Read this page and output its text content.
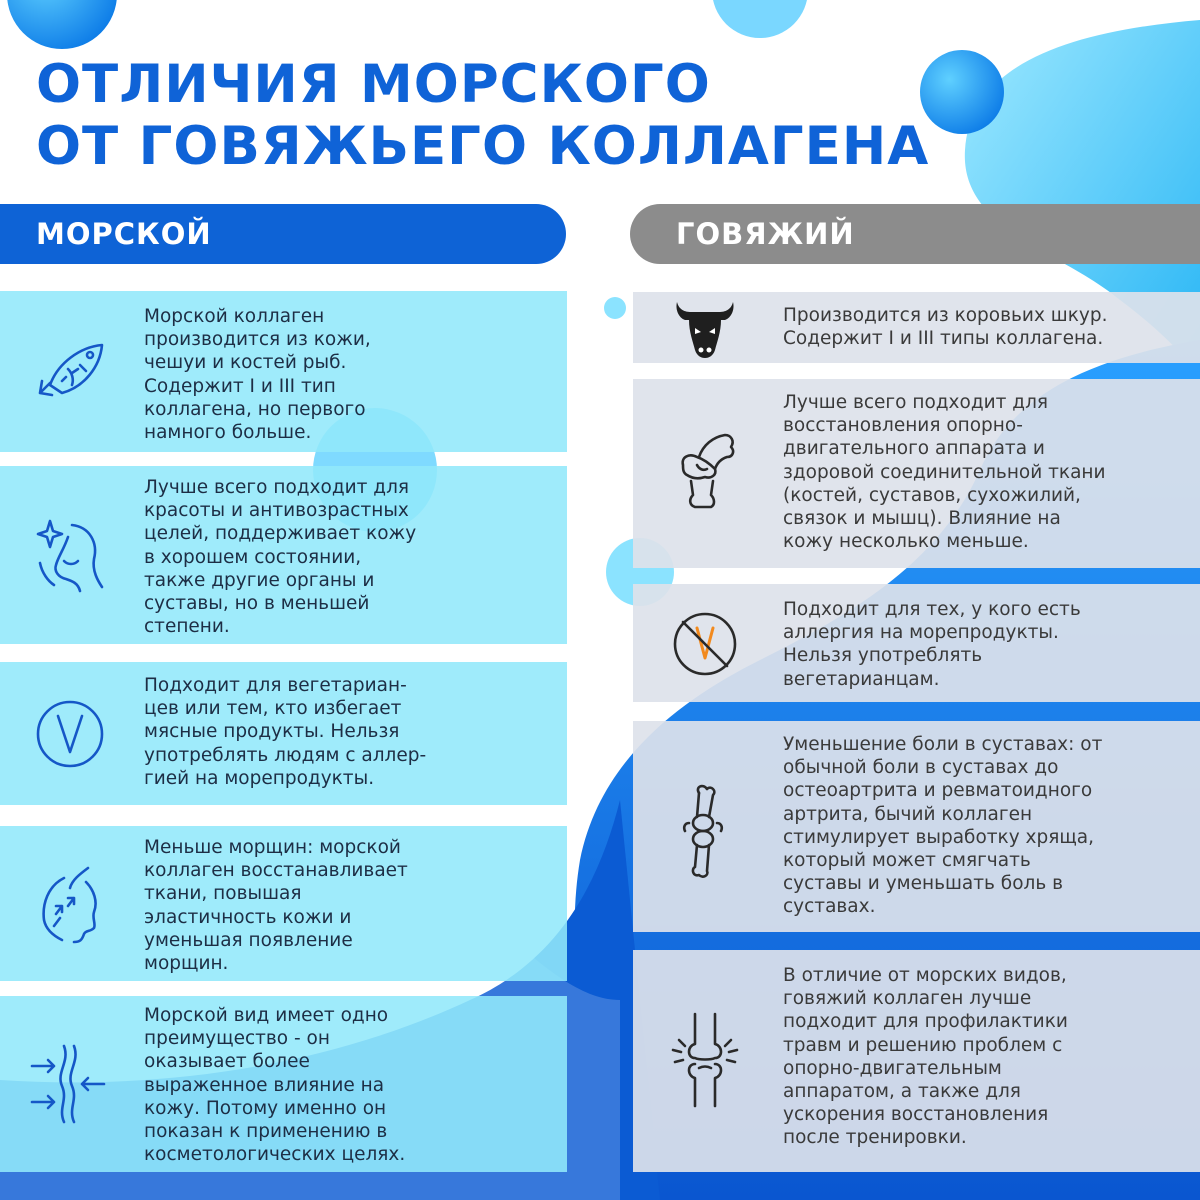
ОТЛИЧИЯ МОРСКОГО
ОТ ГОВЯЖЬЕГО КОЛЛАГЕНА
МОРСКОЙ	ГОВЯЖИЙ
Морской коллаген
производится из кожи,
чешуи и костей рыб.
Содержит I и III тип
коллагена, но первого
намного больше.
Лучше всего подходит для
красоты и антивозрастных
целей, поддерживает кожу
в хорошем состоянии,
также другие органы и
суставы, но в меньшей
степени.
Подходит для вегетариан-
цев или тем, кто избегает
мясные продукты. Нельзя
употреблять людям с аллер-
гией на морепродукты.
Меньше морщин: морской
коллаген восстанавливает
ткани, повышая
эластичность кожи и
уменьшая появление
морщин.
Морской вид имеет одно
преимущество - он
оказывает более
выраженное влияние на
кожу. Потому именно он
показан к применению в
косметологических целях.
Производится из коровьих шкур.
Содержит I и III типы коллагена.
Лучше всего подходит для
восстановления опорно-
двигательного аппарата и
здоровой соединительной ткани
(костей, суставов, сухожилий,
связок и мышц). Влияние на
кожу несколько меньше.
Подходит для тех, у кого есть
аллергия на морепродукты.
Нельзя употреблять
вегетарианцам.
Уменьшение боли в суставах: от
обычной боли в суставах до
остеоартрита и ревматоидного
артрита, бычий коллаген
стимулирует выработку хряща,
который может смягчать
суставы и уменьшать боль в
суставах.
В отличие от морских видов,
говяжий коллаген лучше
подходит для профилактики
травм и решению проблем с
опорно-двигательным
аппаратом, а также для
ускорения восстановления
после тренировки.
